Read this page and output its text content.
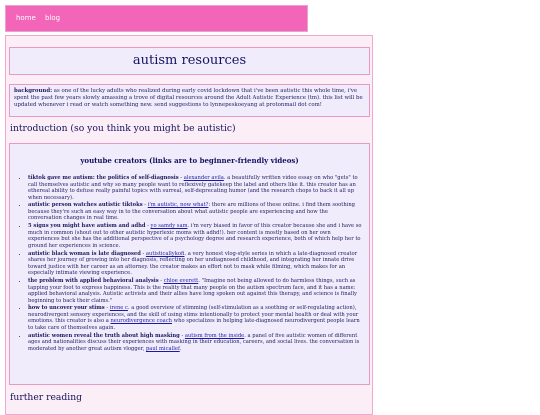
home blog
autism resources
background: as one of the lucky adults who realized during early covid lockdown that i've been autistic this whole time, i've spent the past few years slowly amassing a trove of digital resources around the Adult Autistic Experience (tm). this list will be updated whenever i read or watch something new. send suggestions to lynnepeskoeyang at protonmail dot com!
introduction (so you think you might be autistic)
youtube creators (links are to beginner-friendly videos)
• tiktok gave me autism: the politics of self-diagnosis - alexander avila. a beautifully written video essay on who "gets" to call themselves autistic and why so many people want to reflexively gatekeep the label and others like it. this creator has an ethereal ability to defuse really painful topics with surreal, self-deprecating humor (and the research chops to back it all up when necessary).
• autistic person watches autistic tiktoks - i'm autistic, now what?: there are millions of these online. i find them soothing because they're such an easy way in to the conversation about what autistic people are experiencing and how the conversation changes in real time.
• 5 signs you might have autism and adhd - yo samdy sam. i'm very biased in favor of this creator because she and i have so much in common (shout out to other autistic hyperlexic moms with adhd!). her content is mostly based on her own experiences but she has the additional perspective of a psychology degree and research experience, both of which help her to ground her experiences in science.
• autistic black woman is late diagnosed - autisticallykofi. a very honest vlog-style series in which a late-diagnosed creator shares her journey of growing into her diagnosis, reflecting on her undiagnosed childhood, and integrating her innate drive toward justice with her career as an attorney. the creator makes an effort not to mask while filming, which makes for an especially intimate viewing experience.
• the problem with applied behavioral analysis - chloe everett. "Imagine not being allowed to do harmless things, such as tapping your foot to express happiness. This is the reality that many people on the autism spectrum face, and it has a name: applied behavioral analysis. Autistic activists and their allies have long spoken out against this therapy, and science is finally beginning to back their claims."
• how to uncover your stims - irene c. a good overview of stimming (self-stimulation as a soothing or self-regulating action), neurodivergent sensory experiences, and the skill of using stims intentionally to protect your mental health or deal with your emotions. this creator is also a neurodivergence coach who specializes in helping late-diagnosed neurodivergent people learn to take care of themselves again.
• autistic women reveal the truth about high masking - autism from the inside. a panel of five autistic women of different ages and nationalities discuss their experiences with masking in their education, careers, and social lives. the conversation is moderated by another great autism vlogger, paul micallef.
further reading
